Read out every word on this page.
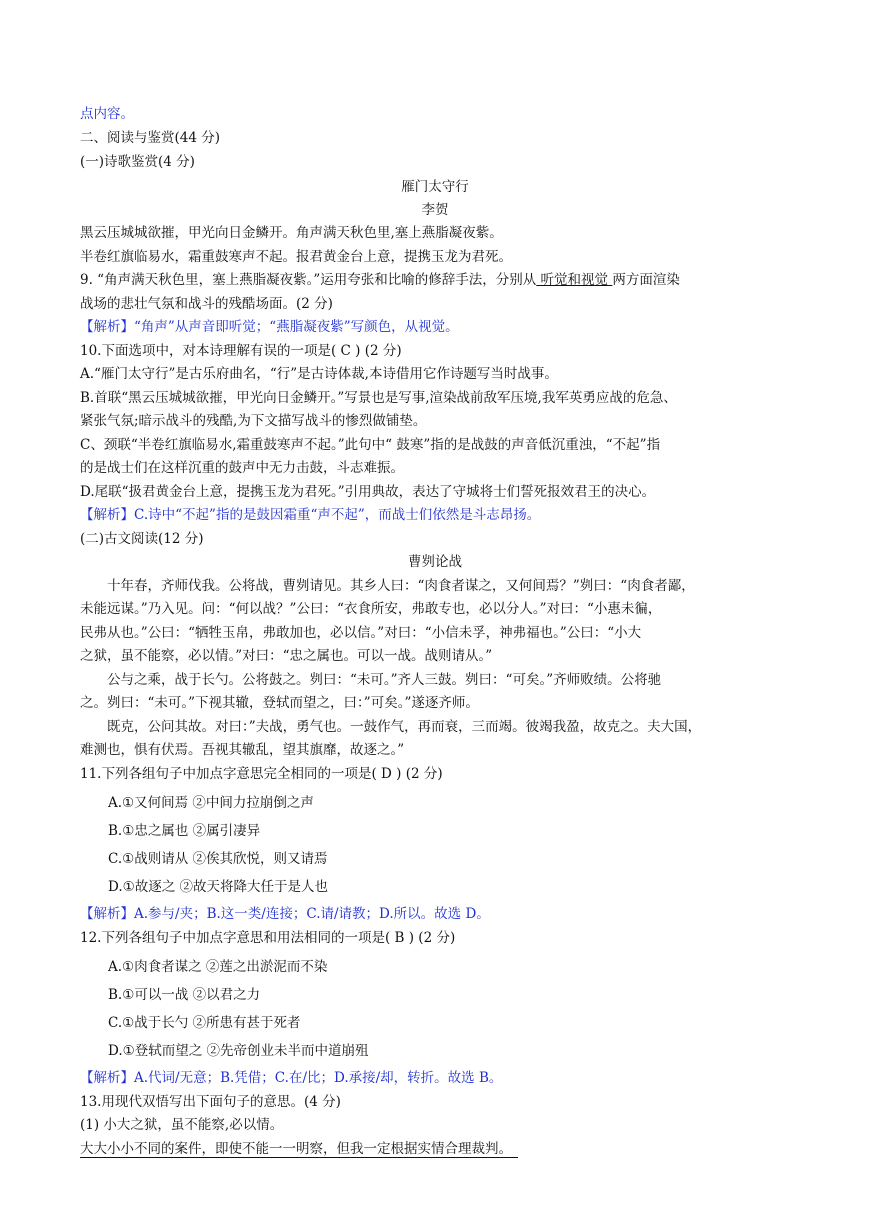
点内容。
二、阅读与鉴赏(44 分)
(一)诗歌鉴赏(4 分)
雁门太守行
李贺
黑云压城城欲摧，甲光向日金鳞开。角声满天秋色里,塞上燕脂凝夜紫。
半卷红旗临易水，霜重鼓寒声不起。报君黄金台上意，提携玉龙为君死。
9. “角声满天秋色里，塞上燕脂凝夜紫。”运用夸张和比喻的修辞手法，分别从 听觉和视觉 两方面渲染
战场的悲壮气氛和战斗的残酷场面。(2 分)
【解析】“角声”从声音即听觉；“燕脂凝夜紫”写颜色，从视觉。
10.下面选项中，对本诗理解有误的一项是( C ) (2 分)
A.“雁门太守行”是古乐府曲名，“行”是古诗体裁,本诗借用它作诗题写当时战事。
B.首联“黑云压城城欲摧，甲光向日金鳞开。”写景也是写事,渲染战前敌军压境,我军英勇应战的危急、
紧张气氛;暗示战斗的残酷,为下文描写战斗的惨烈做铺垫。
C、颈联“半卷红旗临易水,霜重鼓寒声不起。”此句中“ 鼓寒”指的是战鼓的声音低沉重浊，“不起”指
的是战士们在这样沉重的鼓声中无力击鼓，斗志难振。
D.尾联“扱君黄金台上意，提携玉龙为君死。”引用典故，表达了守城将士们誓死报效君王的决心。
【解析】C.诗中“不起”指的是鼓因霜重“声不起”，而战士们依然是斗志昂扬。
(二)古文阅读(12 分)
曹刿论战
十年春，齐师伐我。公将战，曹刿请见。其乡人曰：“肉食者谋之，又何间焉？”刿曰：“肉食者鄙，
未能远谋。”乃入见。问：“何以战？”公曰：“衣食所安，弗敢专也，必以分人。”对曰：“小惠未徧，
民弗从也。”公曰：“牺牲玉帛，弗敢加也，必以信。”对曰：“小信未孚，神弗福也。”公曰：“小大
之狱，虽不能察，必以情。”对曰：“忠之属也。可以一战。战则请从。”
公与之乘，战于长勺。公将鼓之。刿曰：“未可。”齐人三鼓。刿曰：“可矣。”齐师败绩。公将驰
之。刿曰：“未可。”下视其辙，登轼而望之，曰：”可矣。”遂逐齐师。
既克，公问其故。对曰：”夫战，勇气也。一鼓作气，再而衰，三而竭。彼竭我盈，故克之。夫大国，
难测也，惧有伏焉。吾视其辙乱，望其旗靡，故逐之。”
11.下列各组句子中加点字意思完全相同的一项是( D ) (2 分)
A.①又何间焉 ②中间力拉崩倒之声
B.①忠之属也 ②属引凄异
C.①战则请从 ②俟其欣悦，则又请焉
D.①故逐之 ②故天将降大任于是人也
【解析】A.参与/夹；B.这一类/连接；C.请/请教；D.所以。故选 D。
12.下列各组句子中加点字意思和用法相同的一项是( B ) (2 分)
A.①肉食者谋之 ②莲之出淤泥而不染
B.①可以一战 ②以君之力
C.①战于长勺 ②所患有甚于死者
D.①登轼而望之 ②先帝创业未半而中道崩殂
【解析】A.代词/无意；B.凭借；C.在/比；D.承接/却，转折。故选 B。
13.用现代双悟写出下面句子的意思。(4 分)
(1) 小大之狱，虽不能察,必以情。
大大小小不同的案件，即使不能一一明察，但我一定根据实情合理裁判。
